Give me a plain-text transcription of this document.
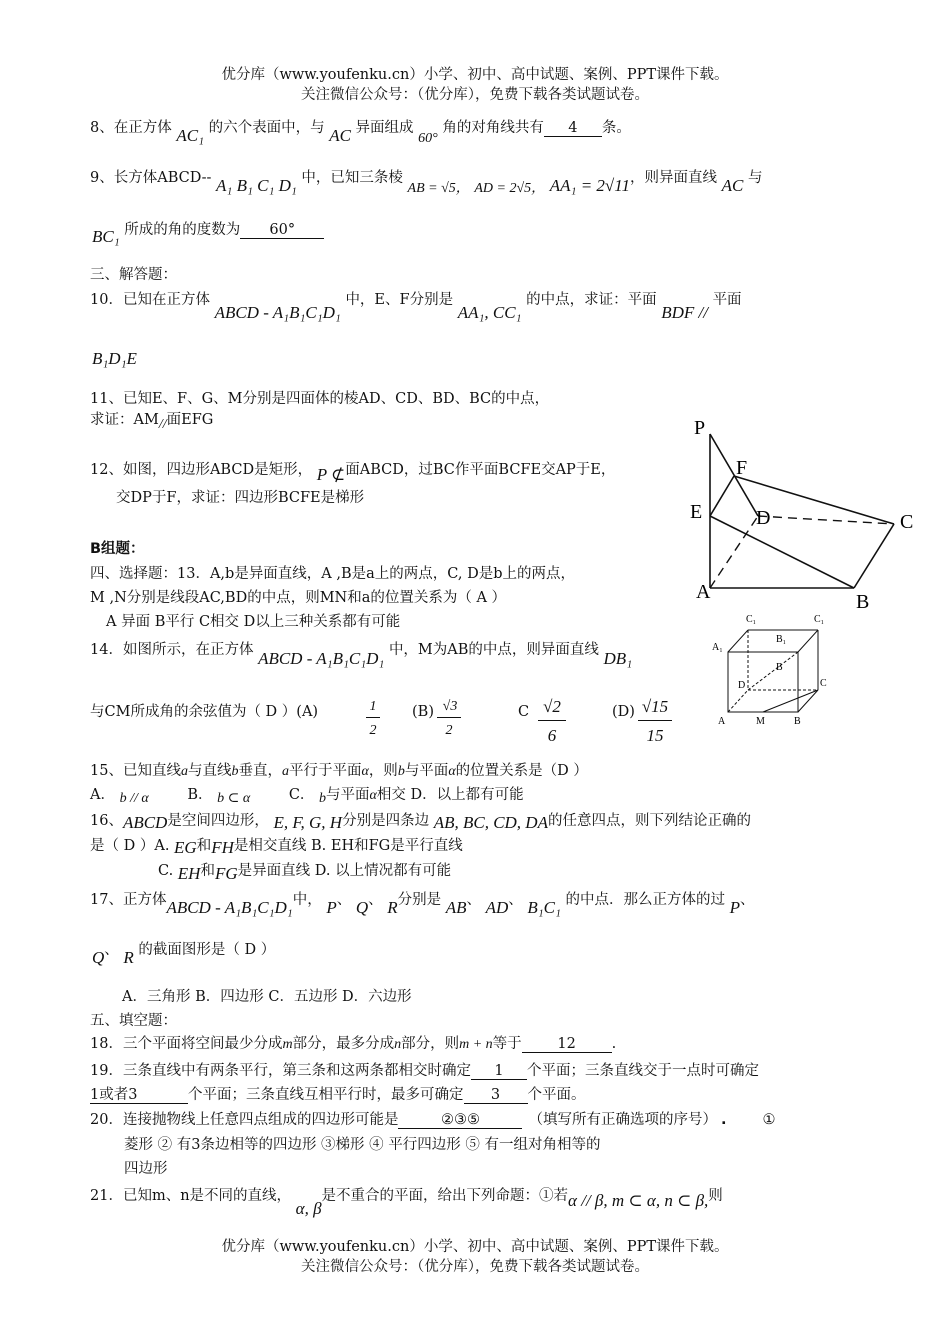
优分库（www.youfenku.cn）小学、初中、高中试题、案例、PPT课件下载。
关注微信公众号：（优分库），免费下载各类试题试卷。
8、在正方体 AC₁ 的六个表面中，与 AC 异面组成 60° 角的对角线共有 4 条。
9、长方体ABCD-- A₁ B₁ C₁ D₁ 中，已知三条棱 AB = √5， AD = 2√5， AA₁ = 2√11，则异面直线 AC 与
BC₁ 所成的角的度数为 60°
三、解答题：
10．已知在正方体 ABCD - A₁B₁C₁D₁ 中，E、F分别是 AA₁, CC₁ 的中点，求证：平面 BDF // 平面
B₁D₁E
11、已知E、F、G、M分别是四面体的棱AD、CD、BD、BC的中点，
求证：AM//面EFG
12、如图，四边形ABCD是矩形， P ⊄面ABCD，过BC作平面BCFE交AP于E，
交DP于F，求证：四边形BCFE是梯形
P
F
E	D	C
A	B
B组题：
四、选择题：13．A,b是异面直线，A ,B是a上的两点，C, D是b上的两点，
M ,N分别是线段AC,BD的中点，则MN和a的位置关系为（ A ）
A 异面 B平行 C相交 D以上三种关系都有可能
14．如图所示，在正方体 ABCD - A₁B₁C₁D₁ 中，M为AB的中点，则异面直线 DB₁
与CM所成角的余弦值为（ D ）(A)	1
2
(B) √3
2
C √2
6
(D) √15
15
C₁
B₁
C₁
A₁
B
D	C
A	M	B
15、已知直线a与直线b垂直，a平行于平面α，则b与平面α的位置关系是（D ）
A． b // α	B． b ⊂ α	C． b与平面α相交 D．以上都有可能
16、ABCD是空间四边形， E, F, G, H分别是四条边 AB, BC, CD, DA的任意四点，则下列结论正确的
是（ D ）A. EG和FH是相交直线 B. EH和FG是平行直线
C. EH和FG是异面直线 D. 以上情况都有可能
17、正方体ABCD - A₁B₁C₁D₁中， P、 Q、 R分别是 AB、 AD、 B₁C₁ 的中点．那么正方体的过 P、
Q、 R 的截面图形是（ D ）
A．三角形 B．四边形 C．五边形 D．六边形
五、填空题：
18．三个平面将空间最少分成m部分，最多分成n部分，则m + n等于 12 .
19．三条直线中有两条平行，第三条和这两条都相交时确定 1 个平面；三条直线交于一点时可确定
1或者3	个平面；三条直线互相平行时，最多可确定 3 个平面。
20．连接抛物线上任意四点组成的四边形可能是	②③⑤	（填写所有正确选项的序号） . ①
菱形 ② 有3条边相等的四边形 ③梯形 ④ 平行四边形 ⑤ 有一组对角相等的
四边形
21．已知m、n是不同的直线， α, β是不重合的平面，给出下列命题：①若α // β, m ⊂ α, n ⊂ β,则
优分库（www.youfenku.cn）小学、初中、高中试题、案例、PPT课件下载。
关注微信公众号：（优分库），免费下载各类试题试卷。
